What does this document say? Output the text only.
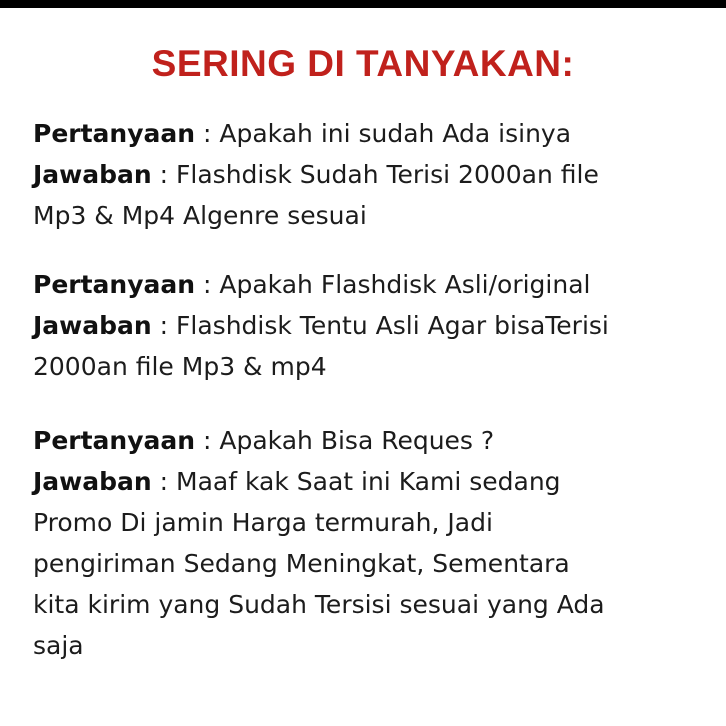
SERING DI TANYAKAN:
Pertanyaan : Apakah ini sudah Ada isinya
Jawaban : Flashdisk Sudah Terisi 2000an file
Mp3 & Mp4 Algenre sesuai
Pertanyaan : Apakah Flashdisk Asli/original
Jawaban : Flashdisk Tentu Asli Agar bisaTerisi
2000an file Mp3 & mp4
Pertanyaan : Apakah Bisa Reques ?
Jawaban : Maaf kak Saat ini Kami sedang
Promo Di jamin Harga termurah, Jadi
pengiriman Sedang Meningkat, Sementara
kita kirim yang Sudah Tersisi sesuai yang Ada
saja
